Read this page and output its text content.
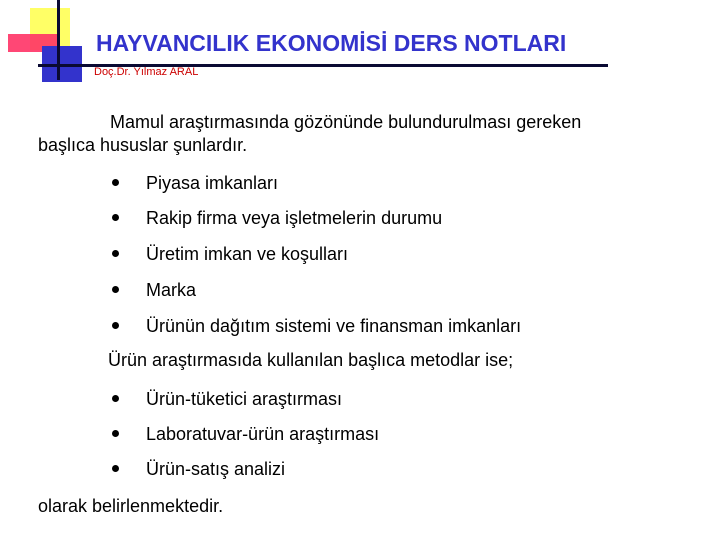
HAYVANCILIK EKONOMİSİ DERS NOTLARI
Doç.Dr. Yılmaz ARAL
Mamul araştırmasında gözönünde bulundurulması gereken
başlıca hususlar şunlardır.
Piyasa imkanları
Rakip firma veya işletmelerin durumu
Üretim imkan ve koşulları
Marka
Ürünün dağıtım sistemi ve finansman imkanları
Ürün araştırmasıda kullanılan başlıca metodlar ise;
Ürün-tüketici araştırması
Laboratuvar-ürün araştırması
Ürün-satış analizi
olarak belirlenmektedir.
